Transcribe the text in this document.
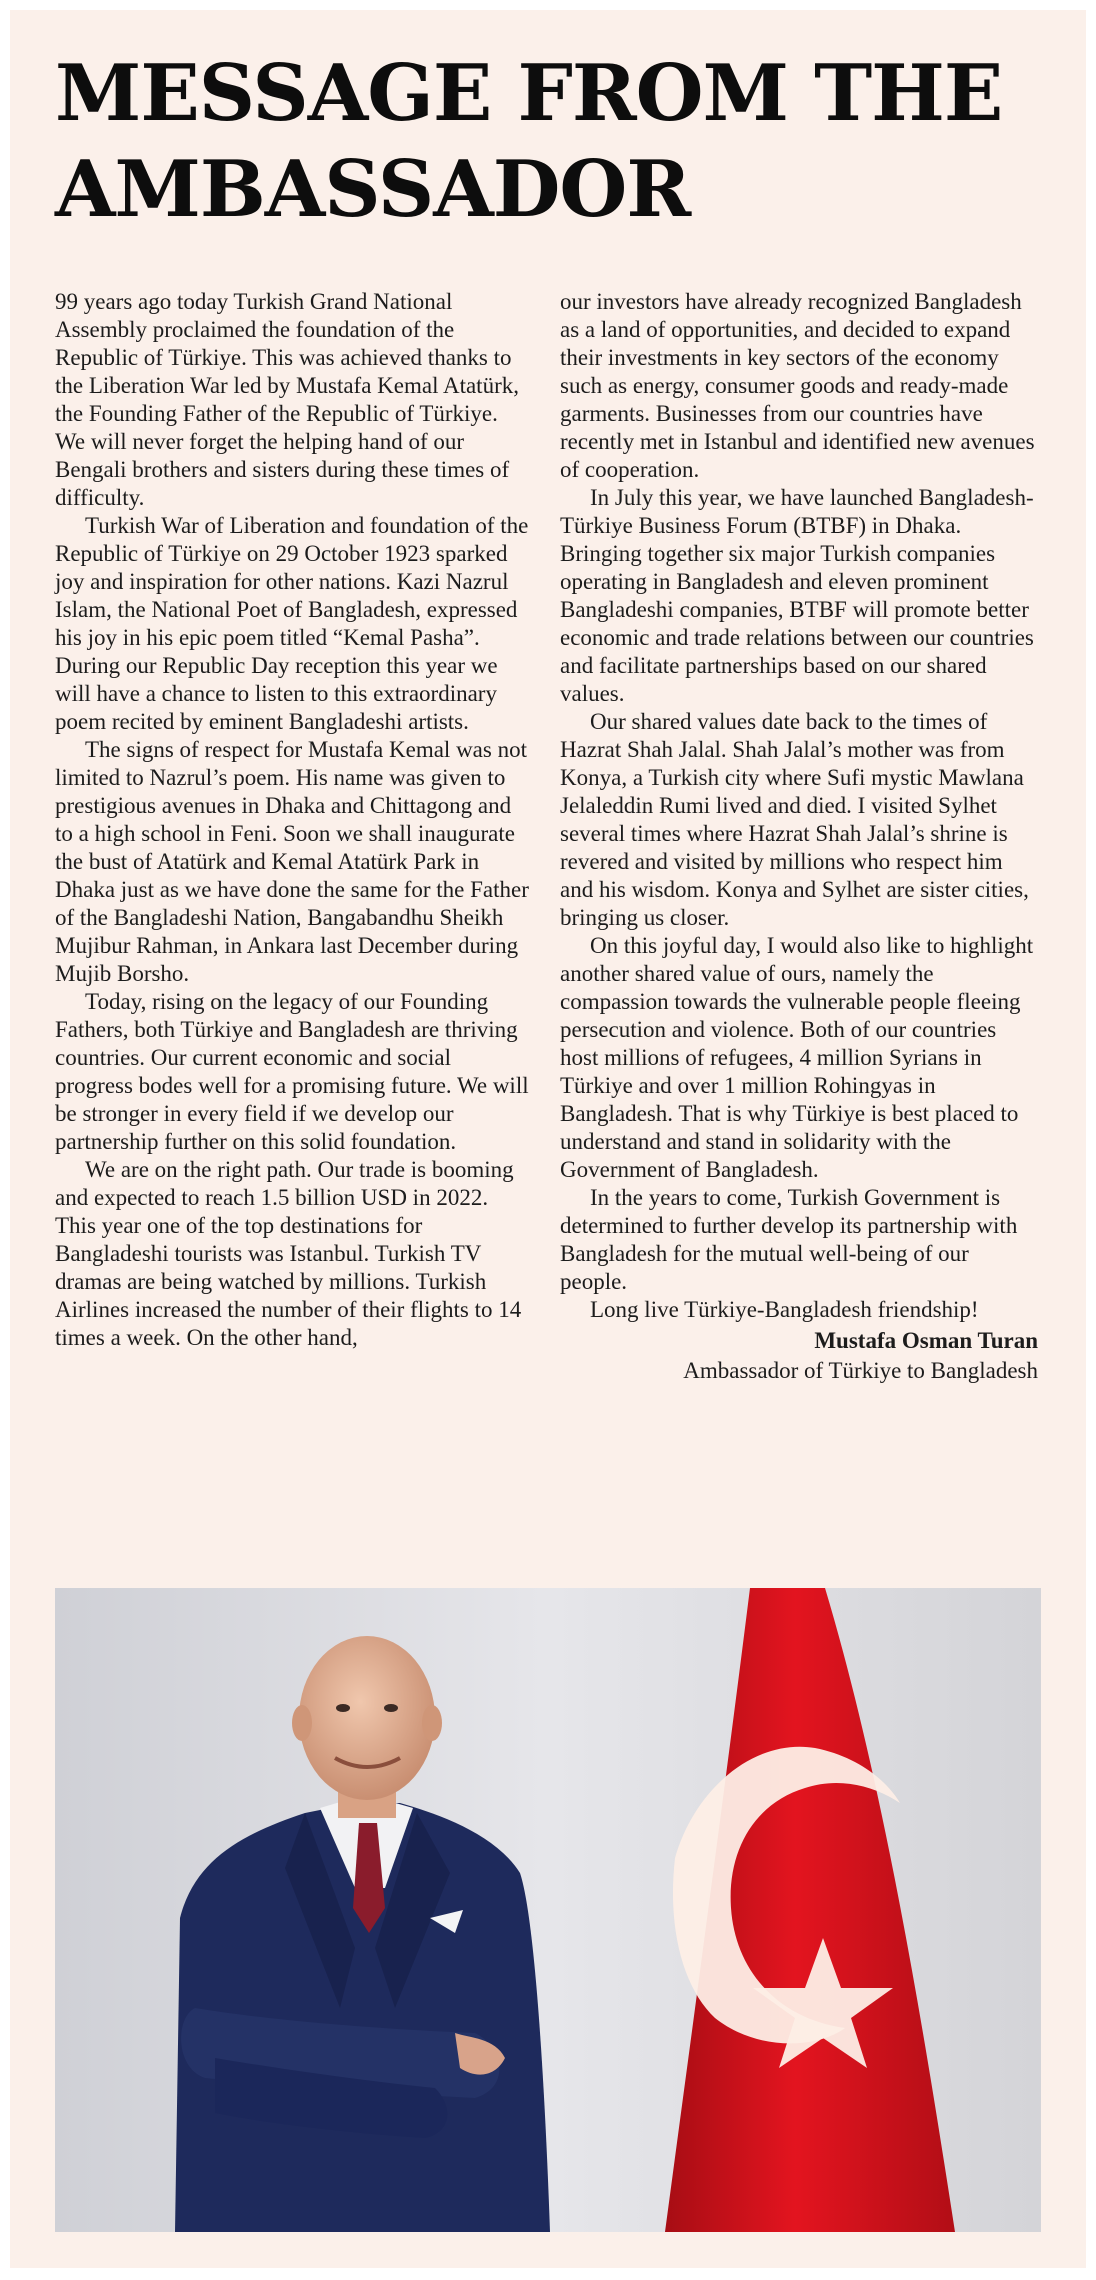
MESSAGE FROM THE AMBASSADOR

99 years ago today Turkish Grand National Assembly proclaimed the foundation of the Republic of Türkiye. This was achieved thanks to the Liberation War led by Mustafa Kemal Atatürk, the Founding Father of the Republic of Türkiye. We will never forget the helping hand of our Bengali brothers and sisters during these times of difficulty.

Turkish War of Liberation and foundation of the Republic of Türkiye on 29 October 1923 sparked joy and inspiration for other nations. Kazi Nazrul Islam, the National Poet of Bangladesh, expressed his joy in his epic poem titled “Kemal Pasha”. During our Republic Day reception this year we will have a chance to listen to this extraordinary poem recited by eminent Bangladeshi artists.

The signs of respect for Mustafa Kemal was not limited to Nazrul’s poem. His name was given to prestigious avenues in Dhaka and Chittagong and to a high school in Feni. Soon we shall inaugurate the bust of Atatürk and Kemal Atatürk Park in Dhaka just as we have done the same for the Father of the Bangladeshi Nation, Bangabandhu Sheikh Mujibur Rahman, in Ankara last December during Mujib Borsho.

Today, rising on the legacy of our Founding Fathers, both Türkiye and Bangladesh are thriving countries. Our current economic and social progress bodes well for a promising future. We will be stronger in every field if we develop our partnership further on this solid foundation.

We are on the right path. Our trade is booming and expected to reach 1.5 billion USD in 2022. This year one of the top destinations for Bangladeshi tourists was Istanbul. Turkish TV dramas are being watched by millions. Turkish Airlines increased the number of their flights to 14 times a week. On the other hand,

our investors have already recognized Bangladesh as a land of opportunities, and decided to expand their investments in key sectors of the economy such as energy, consumer goods and ready-made garments. Businesses from our countries have recently met in Istanbul and identified new avenues of cooperation.

In July this year, we have launched Bangladesh-Türkiye Business Forum (BTBF) in Dhaka. Bringing together six major Turkish companies operating in Bangladesh and eleven prominent Bangladeshi companies, BTBF will promote better economic and trade relations between our countries and facilitate partnerships based on our shared values.

Our shared values date back to the times of Hazrat Shah Jalal. Shah Jalal’s mother was from Konya, a Turkish city where Sufi mystic Mawlana Jelaleddin Rumi lived and died. I visited Sylhet several times where Hazrat Shah Jalal’s shrine is revered and visited by millions who respect him and his wisdom. Konya and Sylhet are sister cities, bringing us closer.

On this joyful day, I would also like to highlight another shared value of ours, namely the compassion towards the vulnerable people fleeing persecution and violence. Both of our countries host millions of refugees, 4 million Syrians in Türkiye and over 1 million Rohingyas in Bangladesh. That is why Türkiye is best placed to understand and stand in solidarity with the Government of Bangladesh.

In the years to come, Turkish Government is determined to further develop its partnership with Bangladesh for the mutual well-being of our people.

Long live Türkiye-Bangladesh friendship!

Mustafa Osman Turan
Ambassador of Türkiye to Bangladesh
